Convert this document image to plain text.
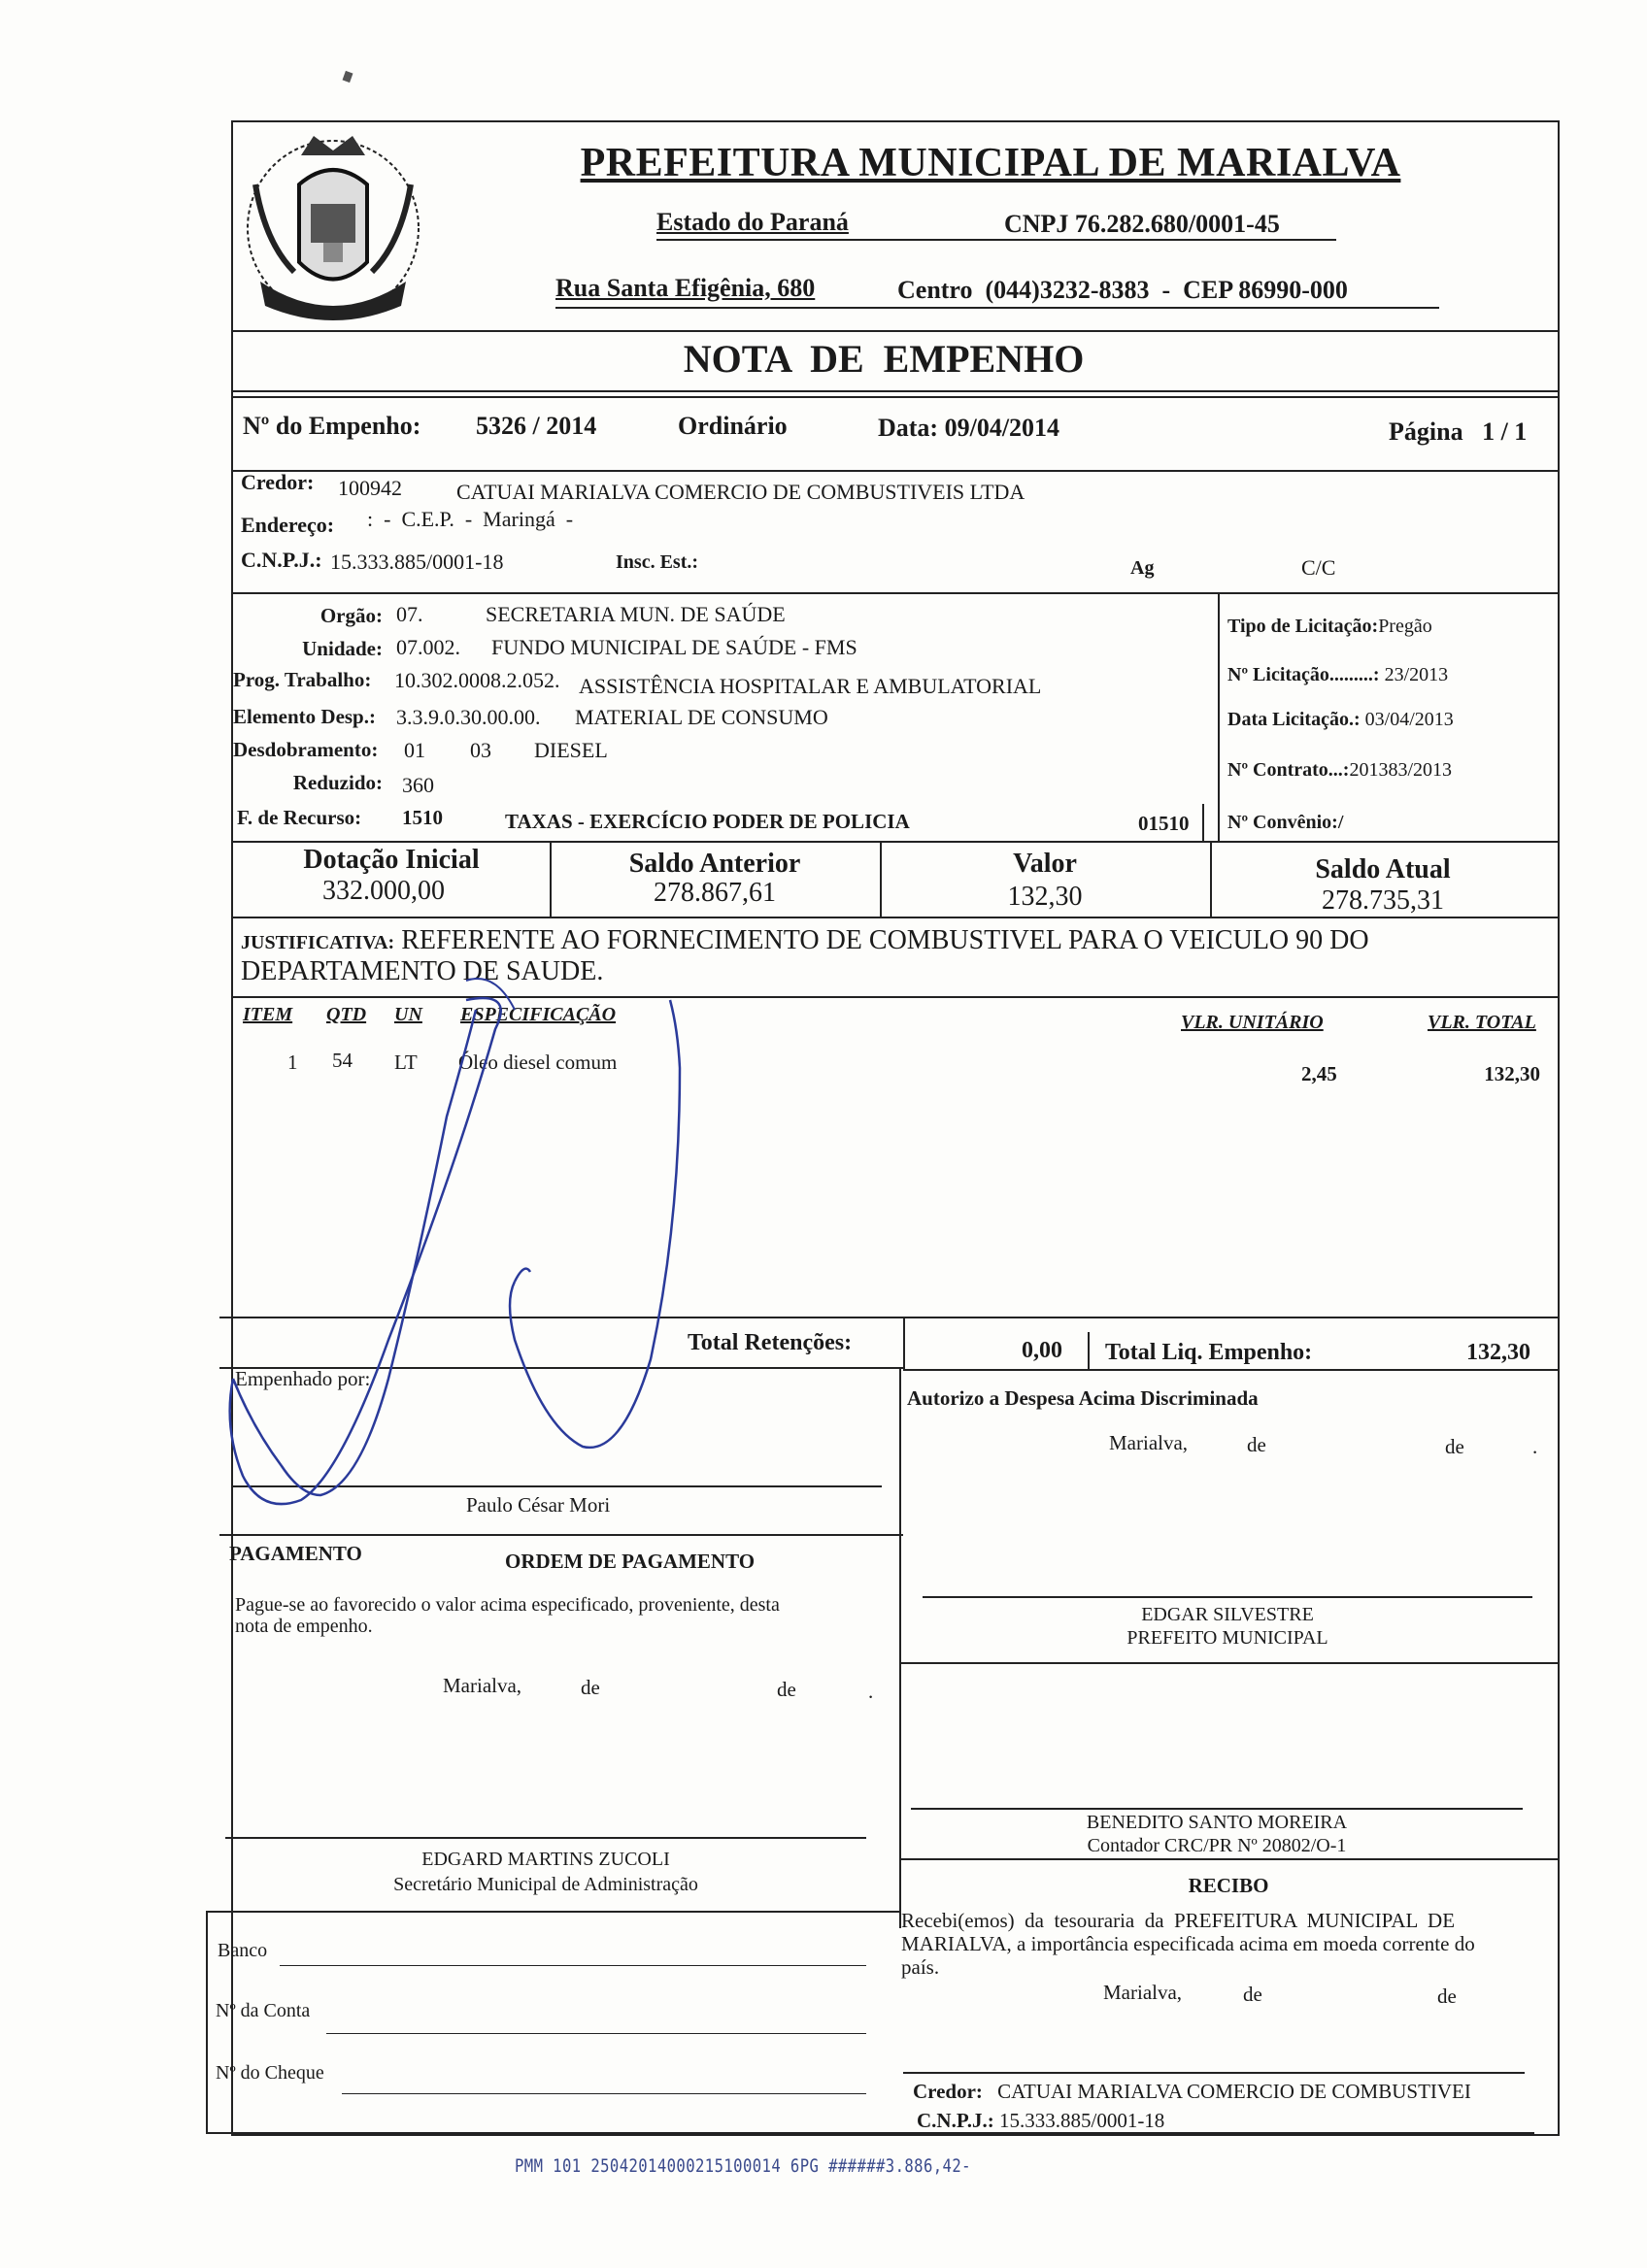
PREFEITURA MUNICIPAL DE MARIALVA
Estado do Paraná	CNPJ 76.282.680/0001-45
Rua Santa Efigênia, 680	Centro  (044)3232-8383  -  CEP 86990-000
NOTA  DE  EMPENHO
Nº do Empenho: 5326 / 2014	Ordinário	Data: 09/04/2014	Página   1 / 1
Credor: 100942	CATUAI MARIALVA COMERCIO DE COMBUSTIVEIS LTDA
Endereço: :  -  C.E.P.  -  Maringá  -
C.N.P.J.: 15.333.885/0001-18	Insc. Est.:	Ag	C/C
Orgão: 07.	SECRETARIA MUN. DE SAÚDE
Unidade: 07.002. FUNDO MUNICIPAL DE SAÚDE - FMS
Prog. Trabalho: 10.302.0008.2.052. ASSISTÊNCIA HOSPITALAR E AMBULATORIAL
Elemento Desp.: 3.3.9.0.30.00.00. MATERIAL DE CONSUMO
Desdobramento: 01 03 DIESEL
Reduzido: 360
F. de Recurso: 1510	TAXAS - EXERCÍCIO PODER DE POLICIA	01510
Tipo de Licitação:Pregão
Nº Licitação.........: 23/2013
Data Licitação.: 03/04/2013
Nº Contrato...:201383/2013
Nº Convênio:/
Dotação Inicial
332.000,00
Saldo Anterior
278.867,61
Valor
132,30
Saldo Atual
278.735,31
JUSTIFICATIVA: REFERENTE AO FORNECIMENTO DE COMBUSTIVEL PARA O VEICULO 90 DO
DEPARTAMENTO DE SAUDE.
ITEM QTD UN ESPECIFICAÇÃO	VLR. UNITÁRIO	VLR. TOTAL
1 54 LT Óleo diesel comum	2,45	132,30
Total Retenções:	0,00 Total Liq. Empenho:	132,30
Empenhado por:
Paulo César Mori
Autorizo a Despesa Acima Discriminada
Marialva,	de	de	.
PAGAMENTO	ORDEM DE PAGAMENTO
Pague-se ao favorecido o valor acima especificado, proveniente, desta
nota de empenho.
Marialva,	de	de	.
EDGARD MARTINS ZUCOLI
Secretário Municipal de Administração
Banco
Nº da Conta
Nº do Cheque
EDGAR SILVESTRE
PREFEITO MUNICIPAL
BENEDITO SANTO MOREIRA
Contador CRC/PR Nº 20802/O-1
RECIBO
Recebi(emos)  da  tesouraria  da  PREFEITURA  MUNICIPAL  DE
MARIALVA, a importância especificada acima em moeda corrente do
país.
Marialva,	de	de
Credor: CATUAI MARIALVA COMERCIO DE COMBUSTIVEI
C.N.P.J.: 15.333.885/0001-18
PMM 101 25042014000215100014 6PG ######3.886,42-
